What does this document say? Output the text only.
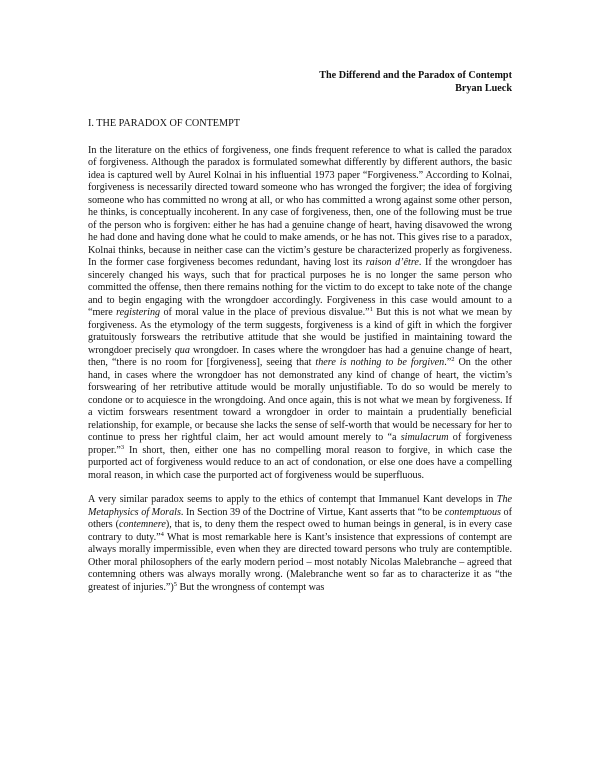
The Differend and the Paradox of Contempt
Bryan Lueck
I. THE PARADOX OF CONTEMPT

In the literature on the ethics of forgiveness, one finds frequent reference to what is called the paradox of forgiveness. Although the paradox is formulated somewhat differently by different authors, the basic idea is captured well by Aurel Kolnai in his influential 1973 paper “Forgiveness.” According to Kolnai, forgiveness is necessarily directed toward someone who has wronged the forgiver; the idea of forgiving someone who has committed no wrong at all, or who has committed a wrong against some other person, he thinks, is conceptually incoherent. In any case of forgiveness, then, one of the following must be true of the person who is forgiven: either he has had a genuine change of heart, having disavowed the wrong he had done and having done what he could to make amends, or he has not. This gives rise to a paradox, Kolnai thinks, because in neither case can the victim’s gesture be characterized properly as forgiveness. In the former case forgiveness becomes redundant, having lost its raison d’être. If the wrongdoer has sincerely changed his ways, such that for practical purposes he is no longer the same person who committed the offense, then there remains nothing for the victim to do except to take note of the change and to begin engaging with the wrongdoer accordingly. Forgiveness in this case would amount to a “mere registering of moral value in the place of previous disvalue.”$^1$ But this is not what we mean by forgiveness. As the etymology of the term suggests, forgiveness is a kind of gift in which the forgiver gratuitously forswears the retributive attitude that she would be justified in maintaining toward the wrongdoer precisely qua wrongdoer. In cases where the wrongdoer has had a genuine change of heart, then, “there is no room for [forgiveness], seeing that there is nothing to be forgiven.”$^2$ On the other hand, in cases where the wrongdoer has not demonstrated any kind of change of heart, the victim’s forswearing of her retributive attitude would be morally unjustifiable. To do so would be merely to condone or to acquiesce in the wrongdoing. And once again, this is not what we mean by forgiveness. If a victim forswears resentment toward a wrongdoer in order to maintain a prudentially beneficial relationship, for example, or because she lacks the sense of self-worth that would be necessary for her to continue to press her rightful claim, her act would amount merely to “a simulacrum of forgiveness proper.”$^3$ In short, then, either one has no compelling moral reason to forgive, in which case the purported act of forgiveness would reduce to an act of condonation, or else one does have a compelling moral reason, in which case the purported act of forgiveness would be superfluous.

A very similar paradox seems to apply to the ethics of contempt that Immanuel Kant develops in The Metaphysics of Morals. In Section 39 of the Doctrine of Virtue, Kant asserts that “to be contemptuous of others (contemnere), that is, to deny them the respect owed to human beings in general, is in every case contrary to duty.”$^4$ What is most remarkable here is Kant’s insistence that expressions of contempt are always morally impermissible, even when they are directed toward persons who truly are contemptible. Other moral philosophers of the early modern period – most notably Nicolas Malebranche – agreed that contemning others was always morally wrong. (Malebranche went so far as to characterize it as “the greatest of injuries.”)$^5$ But the wrongness of contempt was
